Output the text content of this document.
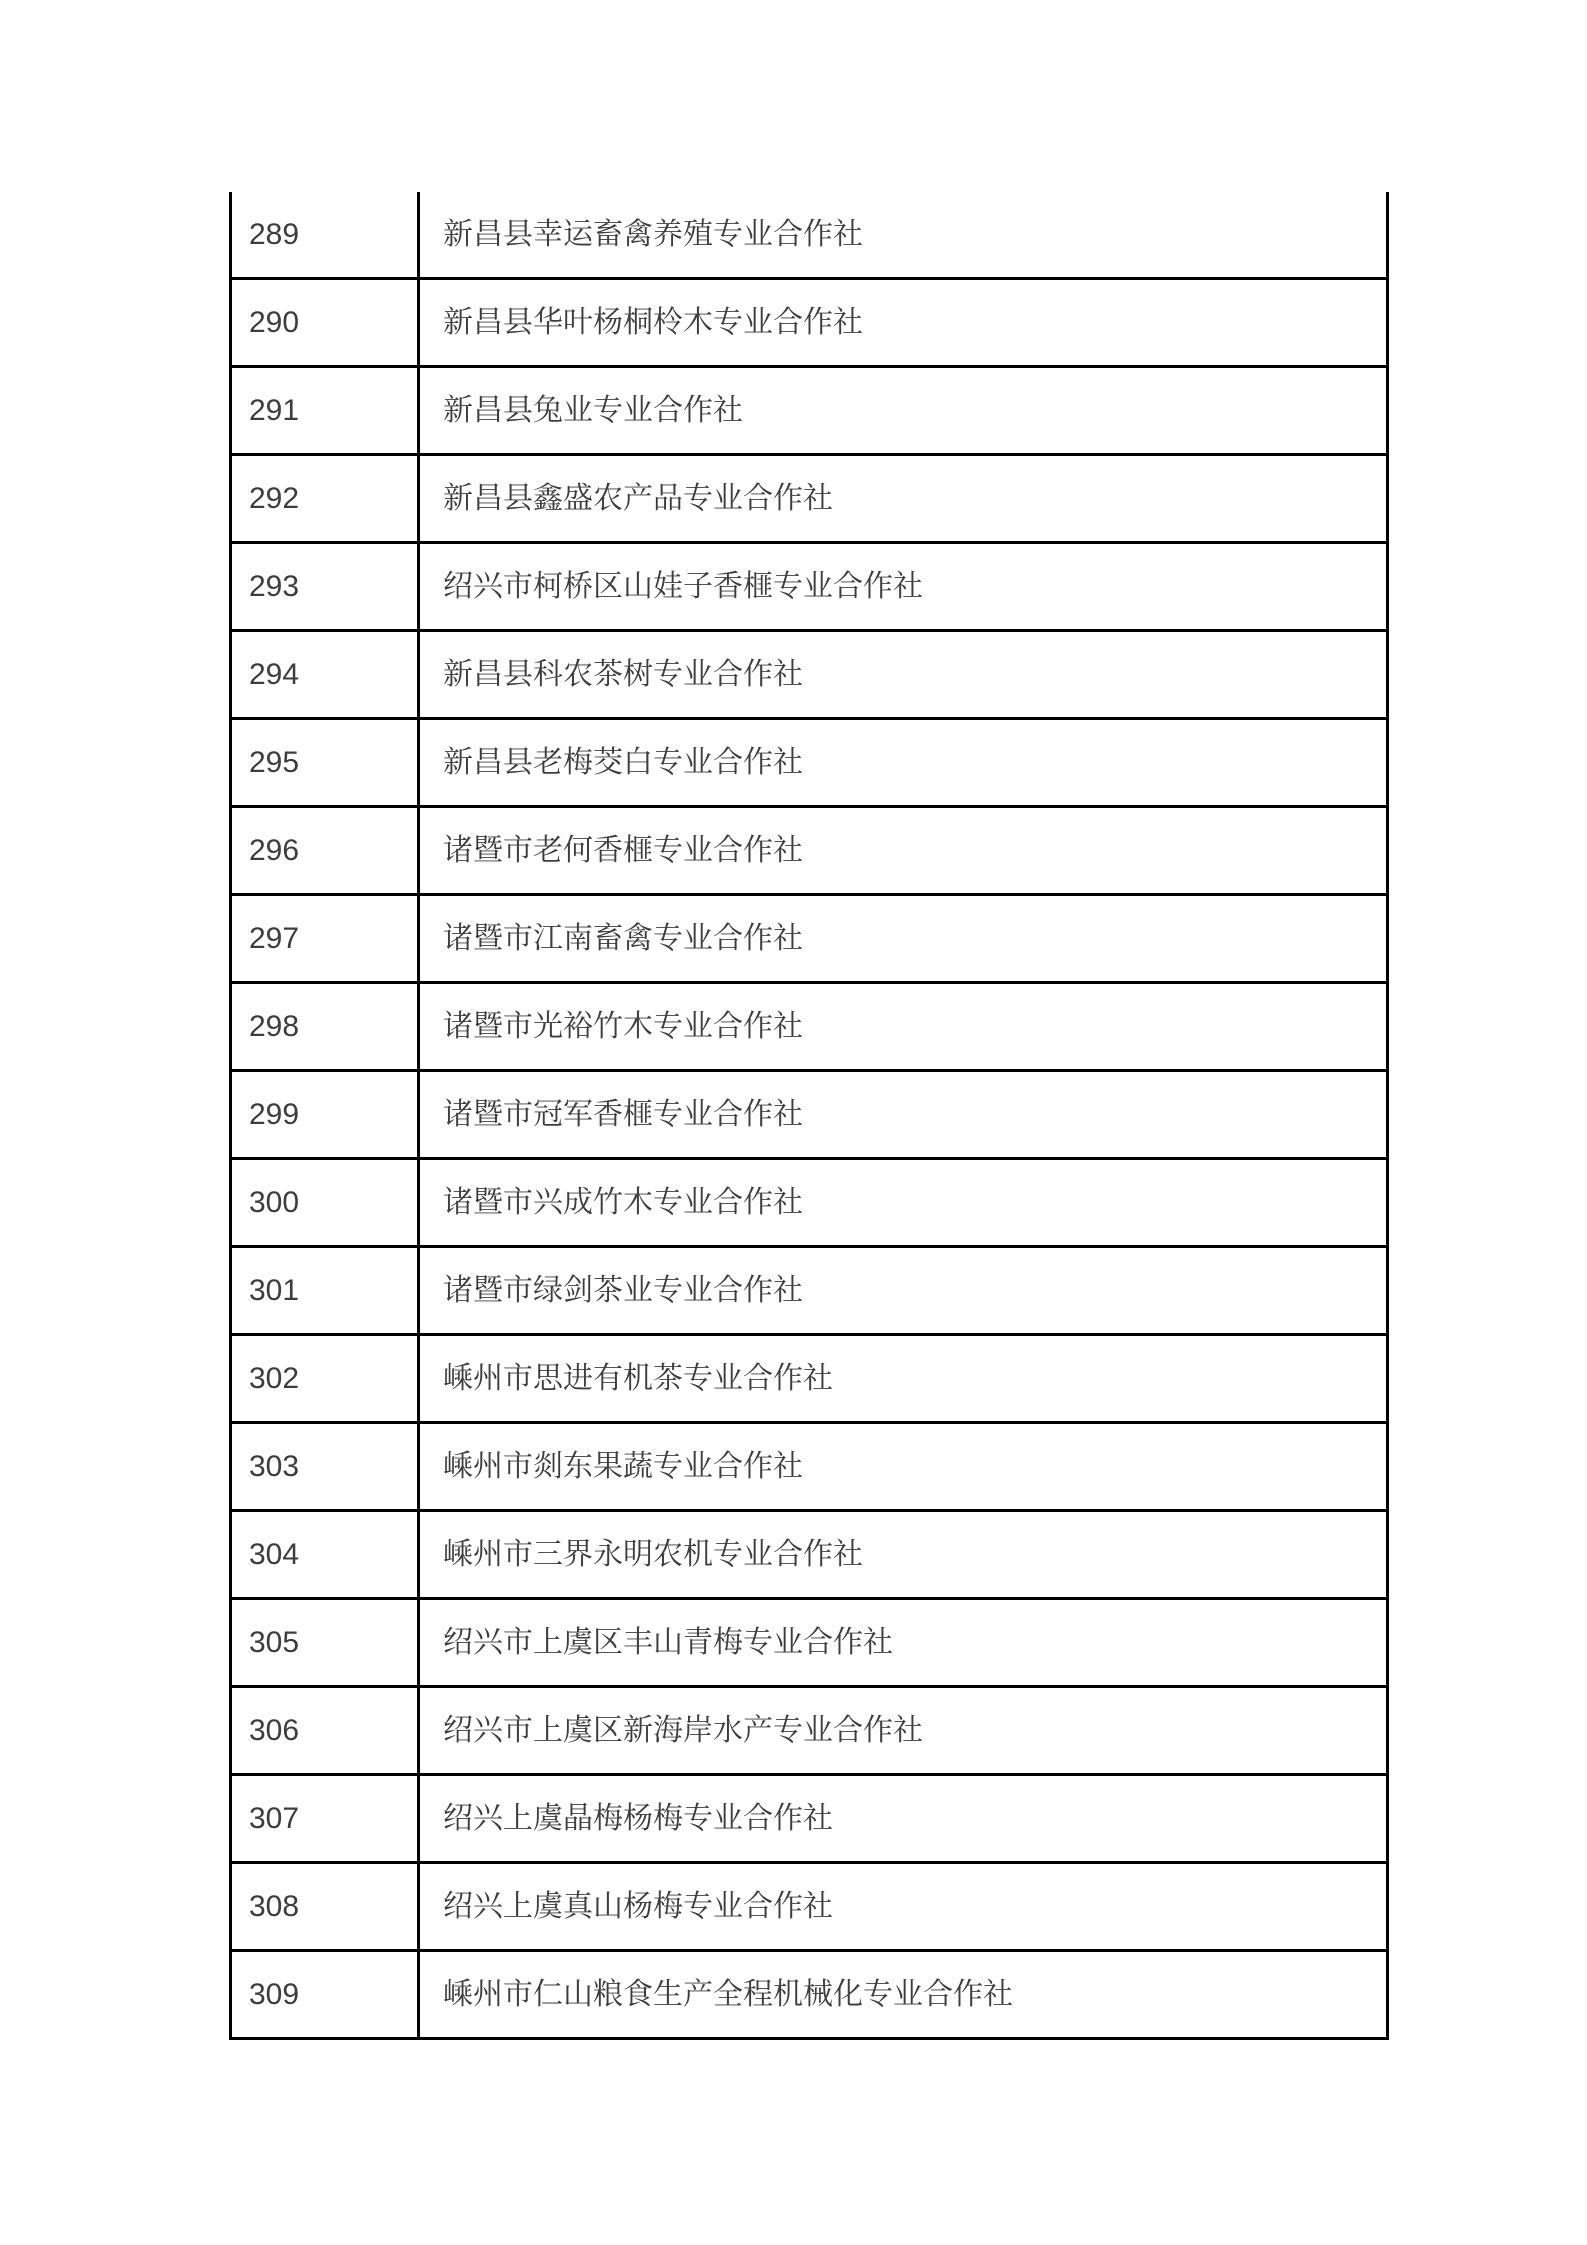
289	新昌县幸运畜禽养殖专业合作社
290	新昌县华叶杨桐柃木专业合作社
291	新昌县兔业专业合作社
292	新昌县鑫盛农产品专业合作社
293	绍兴市柯桥区山娃子香榧专业合作社
294	新昌县科农茶树专业合作社
295	新昌县老梅茭白专业合作社
296	诸暨市老何香榧专业合作社
297	诸暨市江南畜禽专业合作社
298	诸暨市光裕竹木专业合作社
299	诸暨市冠军香榧专业合作社
300	诸暨市兴成竹木专业合作社
301	诸暨市绿剑茶业专业合作社
302	嵊州市思进有机茶专业合作社
303	嵊州市剡东果蔬专业合作社
304	嵊州市三界永明农机专业合作社
305	绍兴市上虞区丰山青梅专业合作社
306	绍兴市上虞区新海岸水产专业合作社
307	绍兴上虞晶梅杨梅专业合作社
308	绍兴上虞真山杨梅专业合作社
309	嵊州市仁山粮食生产全程机械化专业合作社
